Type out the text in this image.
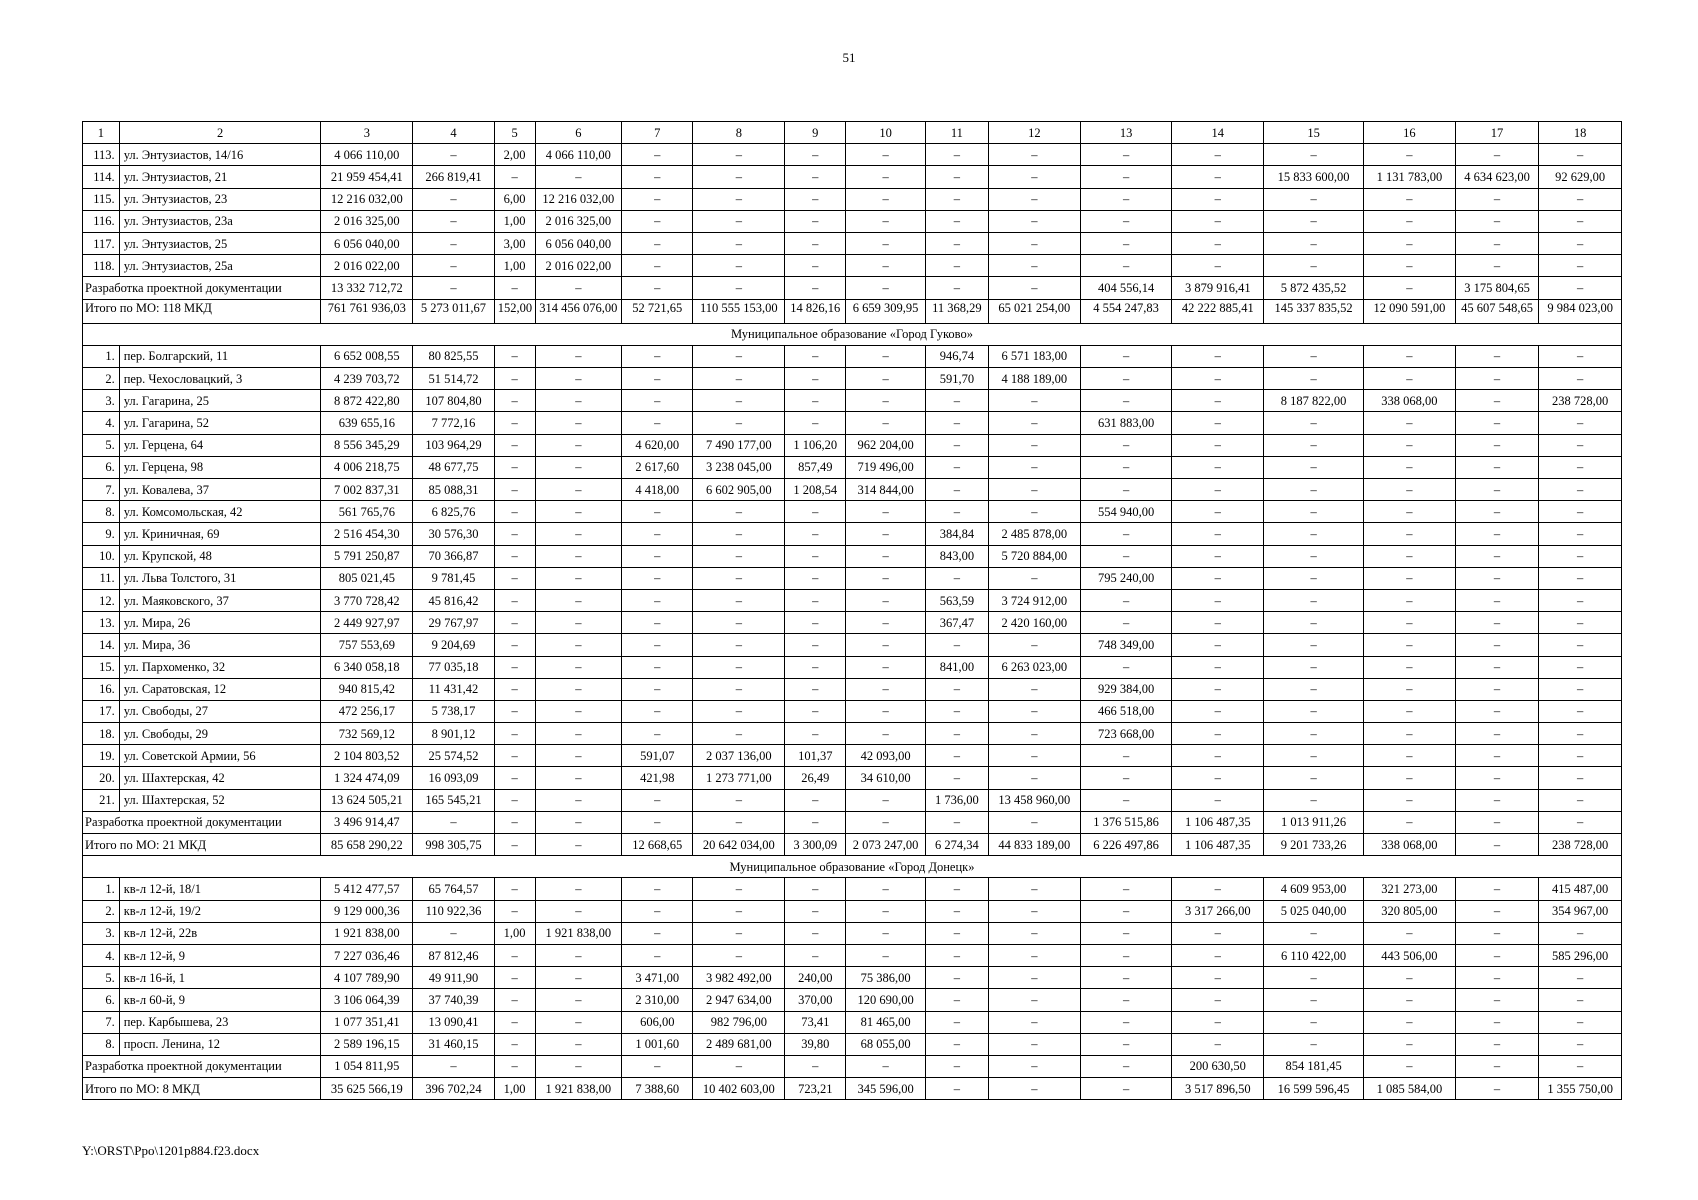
51
1	2	3	4	5	6	7	8	9	10	11	12	13	14	15	16	17	18
113.	ул. Энтузиастов, 14/16	4 066 110,00	–	2,00	4 066 110,00	–	–	–	–	–	–	–	–	–	–	–	–
114.	ул. Энтузиастов, 21	21 959 454,41	266 819,41	–	–	–	–	–	–	–	–	–	–	15 833 600,00	1 131 783,00	4 634 623,00	92 629,00
115.	ул. Энтузиастов, 23	12 216 032,00	–	6,00	12 216 032,00	–	–	–	–	–	–	–	–	–	–	–	–
116.	ул. Энтузиастов, 23а	2 016 325,00	–	1,00	2 016 325,00	–	–	–	–	–	–	–	–	–	–	–	–
117.	ул. Энтузиастов, 25	6 056 040,00	–	3,00	6 056 040,00	–	–	–	–	–	–	–	–	–	–	–	–
118.	ул. Энтузиастов, 25а	2 016 022,00	–	1,00	2 016 022,00	–	–	–	–	–	–	–	–	–	–	–	–
Разработка проектной документации		13 332 712,72	–	–	–	–	–	–	–	–	–	404 556,14	3 879 916,41	5 872 435,52	–	3 175 804,65	–
Итого по МО: 118 МКД		761 761 936,03	5 273 011,67	152,00	314 456 076,00	52 721,65	110 555 153,00	14 826,16	6 659 309,95	11 368,29	65 021 254,00	4 554 247,83	42 222 885,41	145 337 835,52	12 090 591,00	45 607 548,65	9 984 023,00
Муниципальное образование «Город Гуково»																	
1.	пер. Болгарский, 11	6 652 008,55	80 825,55	–	–	–	–	–	–	946,74	6 571 183,00	–	–	–	–	–	–
2.	пер. Чехословацкий, 3	4 239 703,72	51 514,72	–	–	–	–	–	–	591,70	4 188 189,00	–	–	–	–	–	–
3.	ул. Гагарина, 25	8 872 422,80	107 804,80	–	–	–	–	–	–	–	–	–	–	8 187 822,00	338 068,00	–	238 728,00
4.	ул. Гагарина, 52	639 655,16	7 772,16	–	–	–	–	–	–	–	–	631 883,00	–	–	–	–	–
5.	ул. Герцена, 64	8 556 345,29	103 964,29	–	–	4 620,00	7 490 177,00	1 106,20	962 204,00	–	–	–	–	–	–	–	–
6.	ул. Герцена, 98	4 006 218,75	48 677,75	–	–	2 617,60	3 238 045,00	857,49	719 496,00	–	–	–	–	–	–	–	–
7.	ул. Ковалева, 37	7 002 837,31	85 088,31	–	–	4 418,00	6 602 905,00	1 208,54	314 844,00	–	–	–	–	–	–	–	–
8.	ул. Комсомольская, 42	561 765,76	6 825,76	–	–	–	–	–	–	–	–	554 940,00	–	–	–	–	–
9.	ул. Криничная, 69	2 516 454,30	30 576,30	–	–	–	–	–	–	384,84	2 485 878,00	–	–	–	–	–	–
10.	ул. Крупской, 48	5 791 250,87	70 366,87	–	–	–	–	–	–	843,00	5 720 884,00	–	–	–	–	–	–
11.	ул. Льва Толстого, 31	805 021,45	9 781,45	–	–	–	–	–	–	–	–	795 240,00	–	–	–	–	–
12.	ул. Маяковского, 37	3 770 728,42	45 816,42	–	–	–	–	–	–	563,59	3 724 912,00	–	–	–	–	–	–
13.	ул. Мира, 26	2 449 927,97	29 767,97	–	–	–	–	–	–	367,47	2 420 160,00	–	–	–	–	–	–
14.	ул. Мира, 36	757 553,69	9 204,69	–	–	–	–	–	–	–	–	748 349,00	–	–	–	–	–
15.	ул. Пархоменко, 32	6 340 058,18	77 035,18	–	–	–	–	–	–	841,00	6 263 023,00	–	–	–	–	–	–
16.	ул. Саратовская, 12	940 815,42	11 431,42	–	–	–	–	–	–	–	–	929 384,00	–	–	–	–	–
17.	ул. Свободы, 27	472 256,17	5 738,17	–	–	–	–	–	–	–	–	466 518,00	–	–	–	–	–
18.	ул. Свободы, 29	732 569,12	8 901,12	–	–	–	–	–	–	–	–	723 668,00	–	–	–	–	–
19.	ул. Советской Армии, 56	2 104 803,52	25 574,52	–	–	591,07	2 037 136,00	101,37	42 093,00	–	–	–	–	–	–	–	–
20.	ул. Шахтерская, 42	1 324 474,09	16 093,09	–	–	421,98	1 273 771,00	26,49	34 610,00	–	–	–	–	–	–	–	–
21.	ул. Шахтерская, 52	13 624 505,21	165 545,21	–	–	–	–	–	–	1 736,00	13 458 960,00	–	–	–	–	–	–
Разработка проектной документации		3 496 914,47	–	–	–	–	–	–	–	–	–	1 376 515,86	1 106 487,35	1 013 911,26	–	–	–
Итого по МО: 21 МКД		85 658 290,22	998 305,75	–	–	12 668,65	20 642 034,00	3 300,09	2 073 247,00	6 274,34	44 833 189,00	6 226 497,86	1 106 487,35	9 201 733,26	338 068,00	–	238 728,00
Муниципальное образование «Город Донецк»																	
1.	кв-л 12-й, 18/1	5 412 477,57	65 764,57	–	–	–	–	–	–	–	–	–	–	4 609 953,00	321 273,00	–	415 487,00
2.	кв-л 12-й, 19/2	9 129 000,36	110 922,36	–	–	–	–	–	–	–	–	–	3 317 266,00	5 025 040,00	320 805,00	–	354 967,00
3.	кв-л 12-й, 22в	1 921 838,00	–	1,00	1 921 838,00	–	–	–	–	–	–	–	–	–	–	–	–
4.	кв-л 12-й, 9	7 227 036,46	87 812,46	–	–	–	–	–	–	–	–	–	–	6 110 422,00	443 506,00	–	585 296,00
5.	кв-л 16-й, 1	4 107 789,90	49 911,90	–	–	3 471,00	3 982 492,00	240,00	75 386,00	–	–	–	–	–	–	–	–
6.	кв-л 60-й, 9	3 106 064,39	37 740,39	–	–	2 310,00	2 947 634,00	370,00	120 690,00	–	–	–	–	–	–	–	–
7.	пер. Карбышева, 23	1 077 351,41	13 090,41	–	–	606,00	982 796,00	73,41	81 465,00	–	–	–	–	–	–	–	–
8.	просп. Ленина, 12	2 589 196,15	31 460,15	–	–	1 001,60	2 489 681,00	39,80	68 055,00	–	–	–	–	–	–	–	–
Разработка проектной документации		1 054 811,95	–	–	–	–	–	–	–	–	–	–	200 630,50	854 181,45	–	–	–
Итого по МО: 8 МКД		35 625 566,19	396 702,24	1,00	1 921 838,00	7 388,60	10 402 603,00	723,21	345 596,00	–	–	–	3 517 896,50	16 599 596,45	1 085 584,00	–	1 355 750,00
Y:\ORST\Ppo\1201p884.f23.docx
